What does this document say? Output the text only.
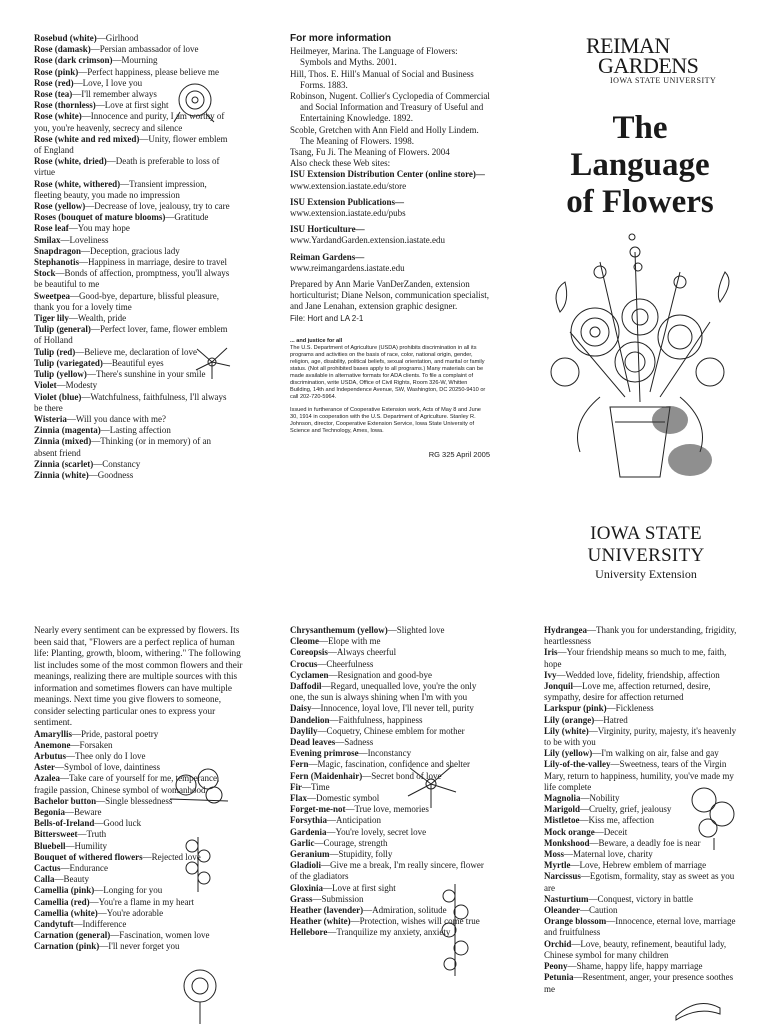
Rosebud (white)—Girlhood

Rose (damask)—Persian ambassador of love

Rose (dark crimson)—Mourning

Rose (pink)—Perfect happiness, please believe me

Rose (red)—Love, I love you

Rose (tea)—I'll remember always

Rose (thornless)—Love at first sight

Rose (white)—Innocence and purity, I am worthy of you, you're heavenly, secrecy and silence

Rose (white and red mixed)—Unity, flower emblem of England

Rose (white, dried)—Death is preferable to loss of virtue

Rose (white, withered)—Transient impression, fleeting beauty, you made no impression

Rose (yellow)—Decrease of love, jealousy, try to care

Roses (bouquet of mature blooms)—Gratitude

Rose leaf—You may hope

Smilax—Loveliness

Snapdragon—Deception, gracious lady

Stephanotis—Happiness in marriage, desire to travel

Stock—Bonds of affection, promptness, you'll always be beautiful to me

Sweetpea—Good-bye, departure, blissful pleasure, thank you for a lovely time

Tiger lily—Wealth, pride

Tulip (general)—Perfect lover, fame, flower emblem of Holland

Tulip (red)—Believe me, declaration of love

Tulip (variegated)—Beautiful eyes

Tulip (yellow)—There's sunshine in your smile

Violet—Modesty

Violet (blue)—Watchfulness, faithfulness, I'll always be there

Wisteria—Will you dance with me?

Zinnia (magenta)—Lasting affection

Zinnia (mixed)—Thinking (or in memory) of an absent friend

Zinnia (scarlet)—Constancy

Zinnia (white)—Goodness

For more information

Heilmeyer, Marina. The Language of Flowers: Symbols and Myths. 2001.

Hill, Thos. E. Hill's Manual of Social and Business Forms. 1883.

Robinson, Nugent. Collier's Cyclopedia of Commercial and Social Information and Treasury of Useful and Entertaining Knowledge. 1892.

Scoble, Gretchen with Ann Field and Holly Lindem. The Meaning of Flowers. 1998.

Tsang, Fu Ji. The Meaning of Flowers. 2004

Also check these Web sites:

ISU Extension Distribution Center (online store)—
www.extension.iastate.edu/store
ISU Extension Publications—
www.extension.iastate.edu/pubs
ISU Horticulture—
www.YardandGarden.extension.iastate.edu
Reiman Gardens—
www.reimangardens.iastate.edu

Prepared by Ann Marie VanDerZanden, extension horticulturist; Diane Nelson, communication specialist, and Jane Lenahan, extension graphic designer.

File: Hort and LA 2-1

... and justice for all
The U.S. Department of Agriculture (USDA) prohibits discrimination in all its programs and activities on the basis of race, color, national origin, gender, religion, age, disability, political beliefs, sexual orientation, and marital or family status. (Not all prohibited bases apply to all programs.) Many materials can be made available in alternative formats for ADA clients. To file a complaint of discrimination, write USDA, Office of Civil Rights, Room 326-W, Whitten Building, 14th and Independence Avenue, SW, Washington, DC 20250-9410 or call 202-720-5964.
Issued in furtherance of Cooperative Extension work, Acts of May 8 and June 30, 1914 in cooperation with the U.S. Department of Agriculture. Stanley R. Johnson, director, Cooperative Extension Service, Iowa State University of Science and Technology, Ames, Iowa.
RG 325 April 2005
REIMAN
GARDENS
IOWA STATE UNIVERSITY
The
Language
of Flowers
IOWA STATE UNIVERSITY
University Extension

Nearly every sentiment can be expressed by flowers. Its been said that, "Flowers are a perfect replica of human life: Planting, growth, bloom, withering." The following list includes some of the most common flowers and their meanings, realizing there are multiple sources with this information and sometimes flowers can have multiple meanings. Next time you give flowers to someone, consider selecting particular ones to express your sentiment.

Amaryllis—Pride, pastoral poetry

Anemone—Forsaken

Arbutus—Thee only do I love

Aster—Symbol of love, daintiness

Azalea—Take care of yourself for me, temperance, fragile passion, Chinese symbol of womanhood

Bachelor button—Single blessedness

Begonia—Beware

Bells-of-Ireland—Good luck

Bittersweet—Truth

Bluebell—Humility

Bouquet of withered flowers—Rejected love

Cactus—Endurance

Calla—Beauty

Camellia (pink)—Longing for you

Camellia (red)—You're a flame in my heart

Camellia (white)—You're adorable

Candytuft—Indifference

Carnation (general)—Fascination, women love

Carnation (pink)—I'll never forget you

Chrysanthemum (yellow)—Slighted love

Cleome—Elope with me

Coreopsis—Always cheerful

Crocus—Cheerfulness

Cyclamen—Resignation and good-bye

Daffodil—Regard, unequalled love, you're the only one, the sun is always shining when I'm with you

Daisy—Innocence, loyal love, I'll never tell, purity

Dandelion—Faithfulness, happiness

Daylily—Coquetry, Chinese emblem for mother

Dead leaves—Sadness

Evening primrose—Inconstancy

Fern—Magic, fascination, confidence and shelter

Fern (Maidenhair)—Secret bond of love

Fir—Time

Flax—Domestic symbol

Forget-me-not—True love, memories

Forsythia—Anticipation

Gardenia—You're lovely, secret love

Garlic—Courage, strength

Geranium—Stupidity, folly

Gladioli—Give me a break, I'm really sincere, flower of the gladiators

Gloxinia—Love at first sight

Grass—Submission

Heather (lavender)—Admiration, solitude

Heather (white)—Protection, wishes will come true

Hellebore—Tranquilize my anxiety, anxiety

Hydrangea—Thank you for understanding, frigidity, heartlessness

Iris—Your friendship means so much to me, faith, hope

Ivy—Wedded love, fidelity, friendship, affection

Jonquil—Love me, affection returned, desire, sympathy, desire for affection returned

Larkspur (pink)—Fickleness

Lily (orange)—Hatred

Lily (white)—Virginity, purity, majesty, it's heavenly to be with you

Lily (yellow)—I'm walking on air, false and gay

Lily-of-the-valley—Sweetness, tears of the Virgin Mary, return to happiness, humility, you've made my life complete

Magnolia—Nobility

Marigold—Cruelty, grief, jealousy

Mistletoe—Kiss me, affection

Mock orange—Deceit

Monkshood—Beware, a deadly foe is near

Moss—Maternal love, charity

Myrtle—Love, Hebrew emblem of marriage

Narcissus—Egotism, formality, stay as sweet as you are

Nasturtium—Conquest, victory in battle

Oleander—Caution

Orange blossom—Innocence, eternal love, marriage and fruitfulness

Orchid—Love, beauty, refinement, beautiful lady, Chinese symbol for many children

Peony—Shame, happy life, happy marriage

Petunia—Resentment, anger, your presence soothes me
